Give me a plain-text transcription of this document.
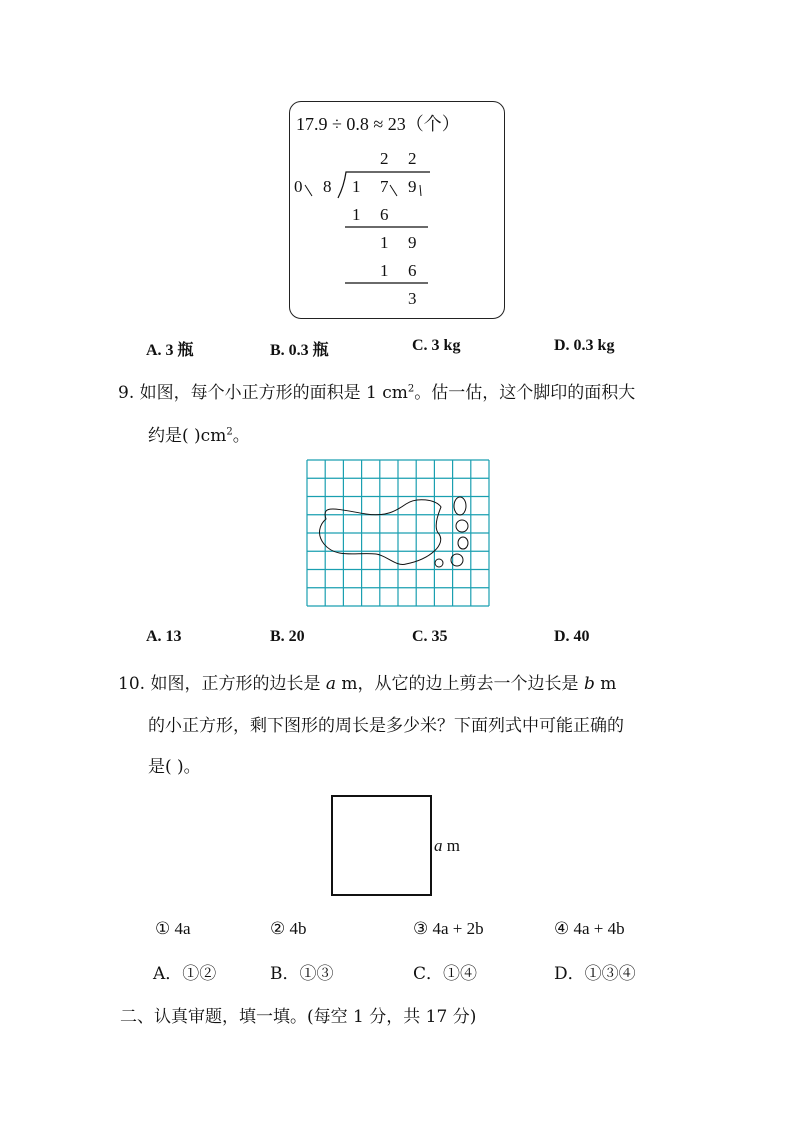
17.9 ÷ 0.8 ≈ 23（个）
2 2
0 8 1 7 9
1 6
1 9
1 6
3
A. 3 瓶	B. 0.3 瓶	C. 3 kg	D. 0.3 kg
9. 如图，每个小正方形的面积是 1 $cm^2$。估一估，这个脚印的面积大
约是( )$cm^2$。
A. 13	B. 20	C. 35	D. 40
10. 如图，正方形的边长是 a m，从它的边上剪去一个边长是 b m
的小正方形，剩下图形的周长是多少米？下面列式中可能正确的
是( )。
a m
① 4a	② 4b	③ 4a + 2b	④ 4a + 4b
A．①②	B．①③	C．①④	D．①③④
二、认真审题，填一填。(每空 1 分，共 17 分)
